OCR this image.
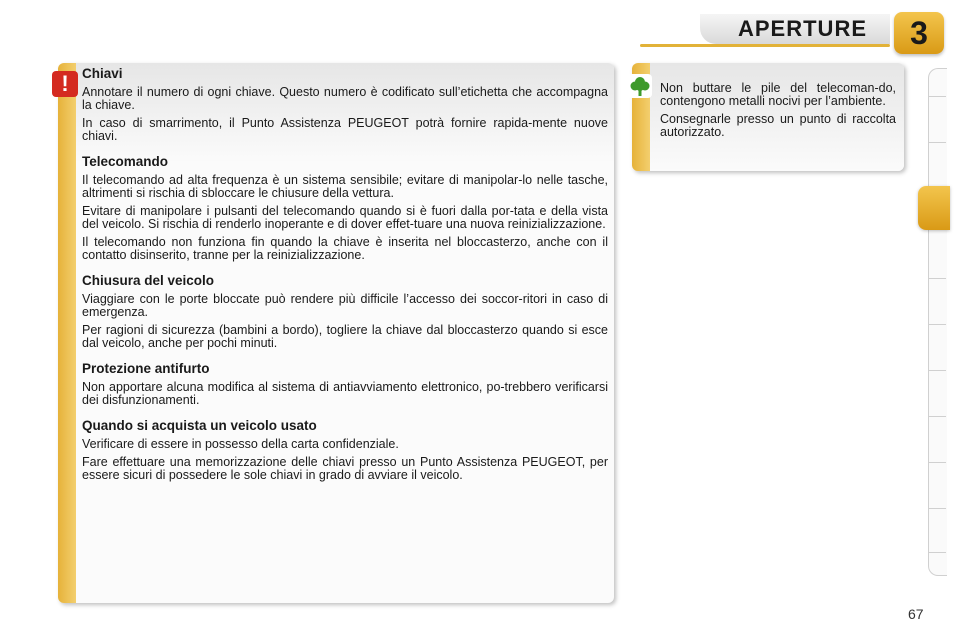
APERTURE	3
! Chiavi

Annotare il numero di ogni chiave. Questo numero è codificato sull’etichetta che accompagna la chiave.

In caso di smarrimento, il Punto Assistenza PEUGEOT potrà fornire rapida-mente nuove chiavi.

Telecomando

Il telecomando ad alta frequenza è un sistema sensibile; evitare di manipolar-lo nelle tasche, altrimenti si rischia di sbloccare le chiusure della vettura.

Evitare di manipolare i pulsanti del telecomando quando si è fuori dalla por-tata e della vista del veicolo. Si rischia di renderlo inoperante e di dover effet-tuare una nuova reinizializzazione.

Il telecomando non funziona fin quando la chiave è inserita nel bloccasterzo, anche con il contatto disinserito, tranne per la reinizializzazione.

Chiusura del veicolo

Viaggiare con le porte bloccate può rendere più difficile l’accesso dei soccor-ritori in caso di emergenza.

Per ragioni di sicurezza (bambini a bordo), togliere la chiave dal bloccasterzo quando si esce dal veicolo, anche per pochi minuti.

Protezione antifurto

Non apportare alcuna modifica al sistema di antiavviamento elettronico, po-trebbero verificarsi dei disfunzionamenti.

Quando si acquista un veicolo usato

Verificare di essere in possesso della carta confidenziale.

Fare effettuare una memorizzazione delle chiavi presso un Punto Assistenza PEUGEOT, per essere sicuri di possedere le sole chiavi in grado di avviare il veicolo.

Non buttare le pile del telecoman-do, contengono metalli nocivi per l’ambiente.

Consegnarle presso un punto di raccolta autorizzato.

67
